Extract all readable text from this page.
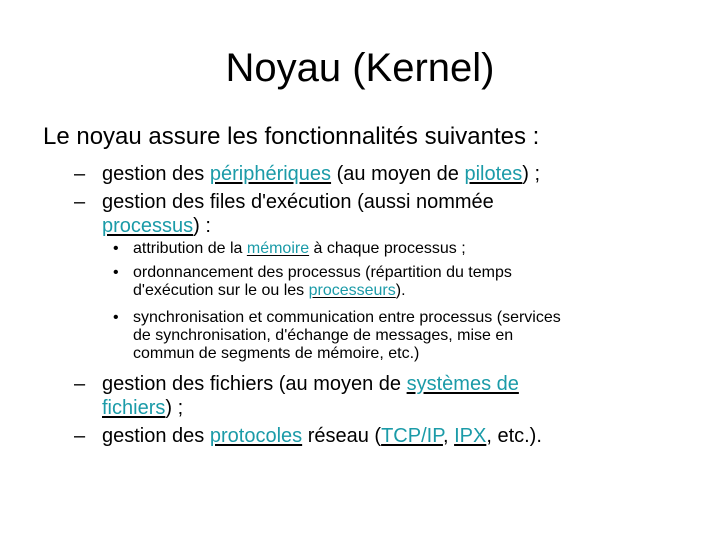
Noyau (Kernel)
Le noyau assure les fonctionnalités suivantes :
– gestion des périphériques (au moyen de pilotes) ;
– gestion des files d'exécution (aussi nommée
processus) :
• attribution de la mémoire à chaque processus ;
• ordonnancement des processus (répartition du temps
d'exécution sur le ou les processeurs).
• synchronisation et communication entre processus (services
de synchronisation, d'échange de messages, mise en
commun de segments de mémoire, etc.)
– gestion des fichiers (au moyen de systèmes de
fichiers) ;
– gestion des protocoles réseau (TCP/IP, IPX, etc.).
